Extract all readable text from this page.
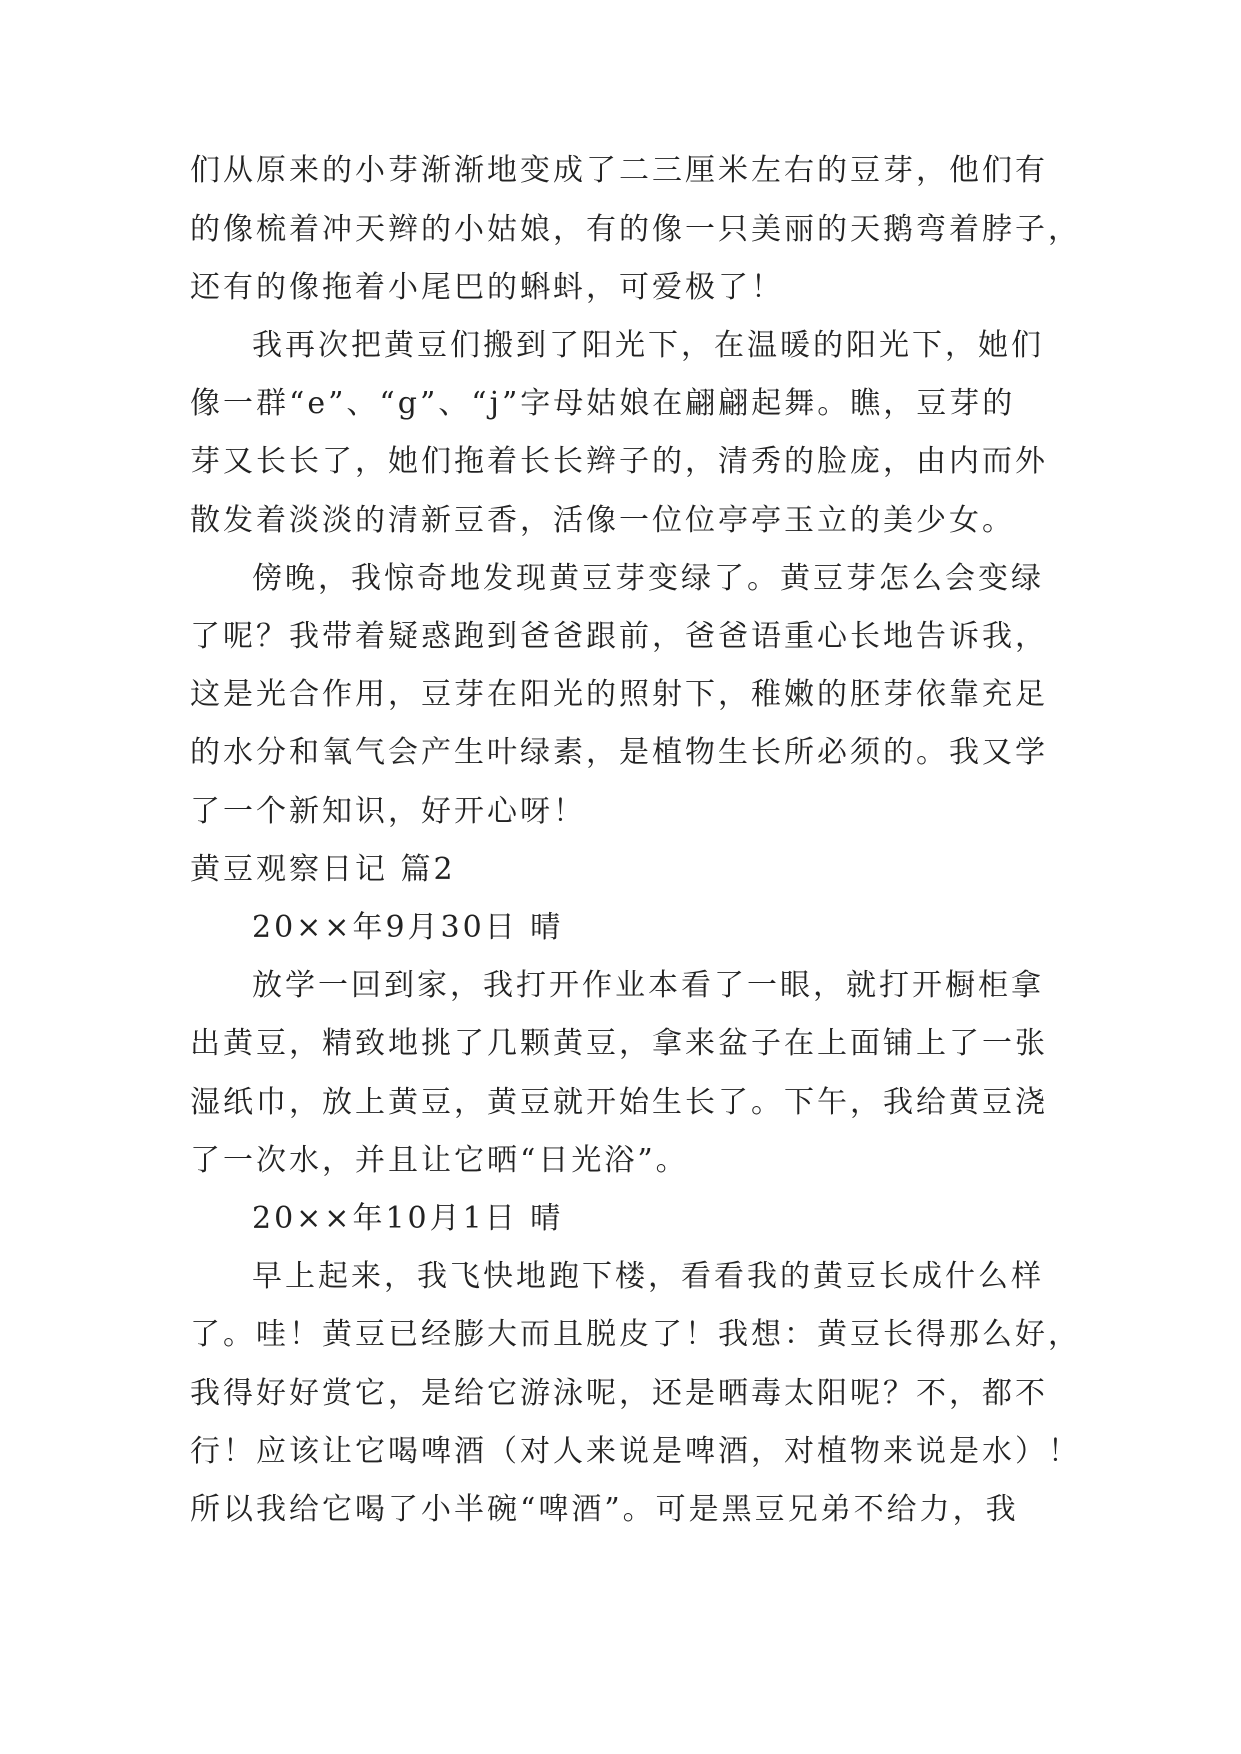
们从原来的小芽渐渐地变成了二三厘米左右的豆芽，他们有
的像梳着冲天辫的小姑娘，有的像一只美丽的天鹅弯着脖子，
还有的像拖着小尾巴的蝌蚪，可爱极了！
我再次把黄豆们搬到了阳光下，在温暖的阳光下，她们
像一群“e”、“g”、“j”字母姑娘在翩翩起舞。瞧，豆芽的
芽又长长了，她们拖着长长辫子的，清秀的脸庞，由内而外
散发着淡淡的清新豆香，活像一位位亭亭玉立的美少女。
傍晚，我惊奇地发现黄豆芽变绿了。黄豆芽怎么会变绿
了呢？我带着疑惑跑到爸爸跟前，爸爸语重心长地告诉我，
这是光合作用，豆芽在阳光的照射下，稚嫩的胚芽依靠充足
的水分和氧气会产生叶绿素，是植物生长所必须的。我又学
了一个新知识，好开心呀！
黄豆观察日记 篇2
20××年9月30日 晴
放学一回到家，我打开作业本看了一眼，就打开橱柜拿
出黄豆，精致地挑了几颗黄豆，拿来盆子在上面铺上了一张
湿纸巾，放上黄豆，黄豆就开始生长了。下午，我给黄豆浇
了一次水，并且让它晒“日光浴”。
20××年10月1日 晴
早上起来，我飞快地跑下楼，看看我的黄豆长成什么样
了。哇！黄豆已经膨大而且脱皮了！我想：黄豆长得那么好，
我得好好赏它，是给它游泳呢，还是晒毒太阳呢？不，都不
行！应该让它喝啤酒（对人来说是啤酒，对植物来说是水）！
所以我给它喝了小半碗“啤酒”。可是黑豆兄弟不给力，我
